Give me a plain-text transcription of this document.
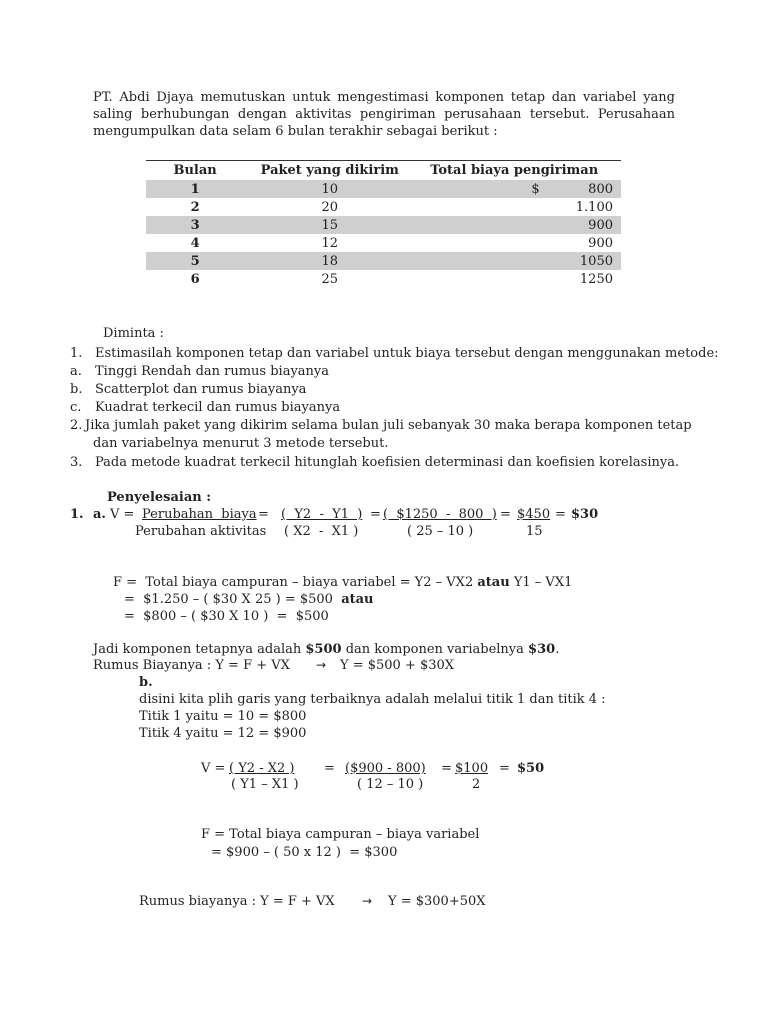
PT. Abdi Djaya memutuskan untuk mengestimasi komponen tetap dan variabel yang saling berhubungan dengan aktivitas pengiriman perusahaan tersebut. Perusahaan mengumpulkan data selam 6 bulan terakhir sebagai berikut :

Bulan	Paket yang dikirim	Total biaya pengiriman
1	10	$ 800
2	20	1.100
3	15	900
4	12	900
5	18	1050
6	25	1250
Diminta :
1. Estimasilah komponen tetap dan variabel untuk biaya tersebut dengan menggunakan metode:
a. Tinggi Rendah dan rumus biayanya
b. Scatterplot dan rumus biayanya
c. Kuadrat terkecil dan rumus biayanya
2. Jika jumlah paket yang dikirim selama bulan juli sebanyak 30 maka berapa komponen tetap
dan variabelnya menurut 3 metode tersebut.
3. Pada metode kuadrat terkecil hitunglah koefisien determinasi dan koefisien korelasinya.
Penyelesaian :
1. a. V = Perubahan  biaya = (  Y2  -  Y1  ) = (  $1250  -  800  ) = $450 = $30
Perubahan aktivitas ( X2  -  X1 )	( 25 – 10 )	15
F =  Total biaya campuran – biaya variabel = Y2 – VX2 atau Y1 – VX1
=  $1.250 – ( $30 X 25 ) = $500 atau
=  $800 – ( $30 X 10 )  =  $500
Jadi komponen tetapnya adalah $500 dan komponen variabelnya $30.
Rumus Biayanya : Y = F + VX → Y = $500 + $30X
b.
disini kita plih garis yang terbaiknya adalah melalui titik 1 dan titik 4 :
Titik 1 yaitu = 10 = $800
Titik 4 yaitu = 12 = $900
V = ( Y2 - X2 ) = ($900 - 800) = $100 = $50
( Y1 – X1 )	( 12 – 10 )	2
F = Total biaya campuran – biaya variabel
= $900 – ( 50 x 12 )  = $300
Rumus biayanya : Y = F + VX → Y = $300+50X
